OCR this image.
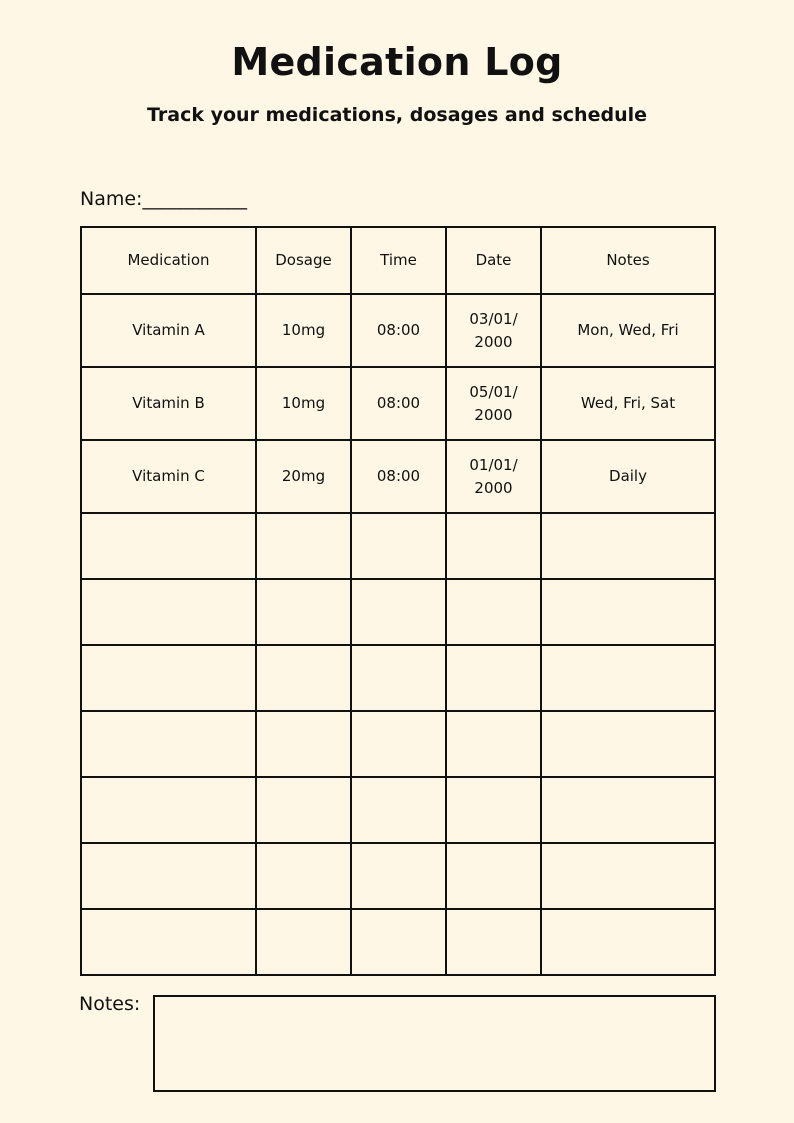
Medication Log
Track your medications, dosages and schedule
Name:___________
Medication	Dosage	Time	Date	Notes
Vitamin A	10mg	08:00	03/01/2000	Mon, Wed, Fri
Vitamin B	10mg	08:00	05/01/2000	Wed, Fri, Sat
Vitamin C	20mg	08:00	01/01/2000	Daily

Notes:
